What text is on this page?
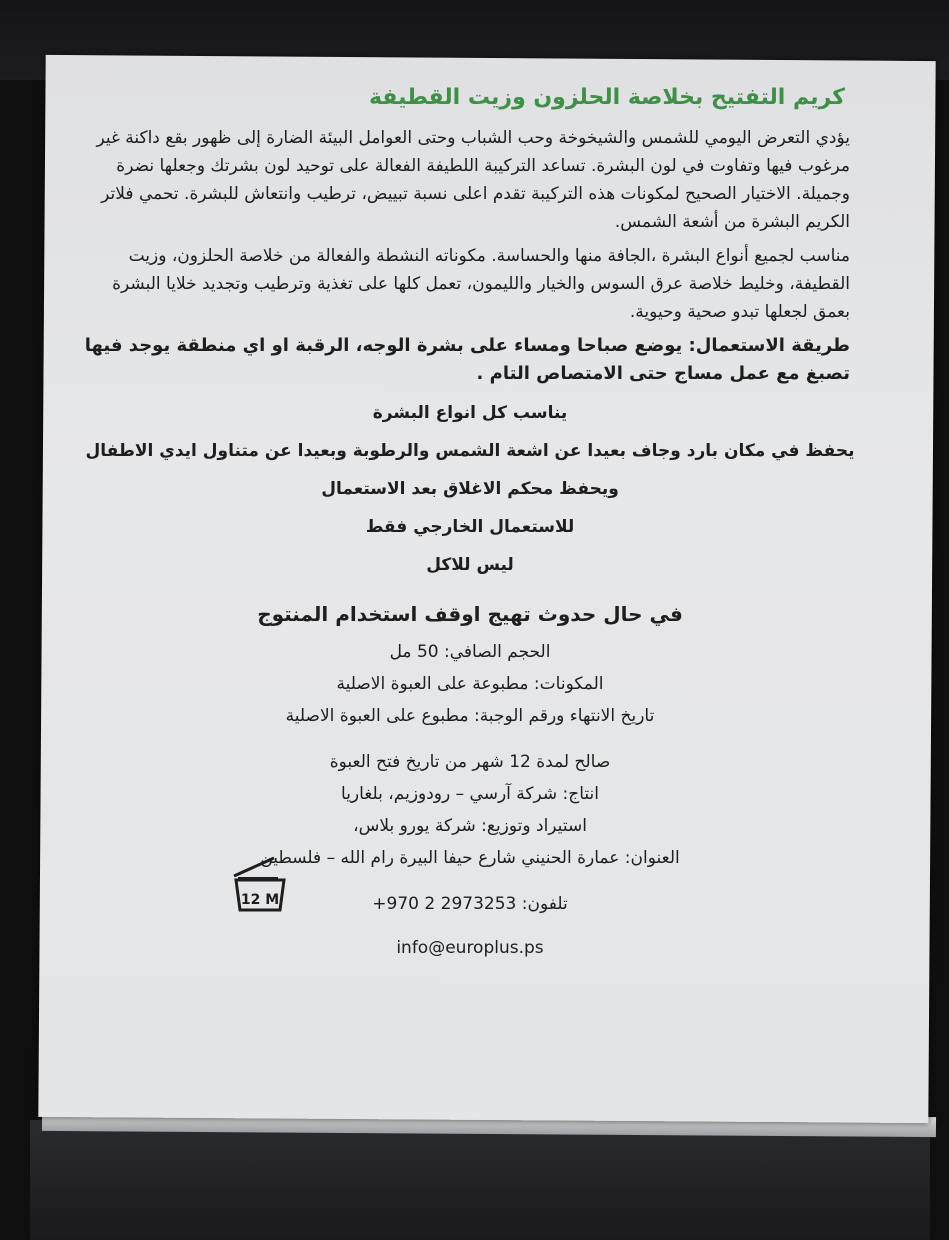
كريم التفتيح بخلاصة الحلزون وزيت القطيفة

يؤدي التعرض اليومي للشمس والشيخوخة وحب الشباب وحتى العوامل البيئة الضارة إلى ظهور بقع داكنة غير مرغوب فيها وتفاوت في لون البشرة. تساعد التركيبة اللطيفة الفعالة على توحيد لون بشرتك وجعلها نضرة وجميلة. الاختيار الصحيح لمكونات هذه التركيبة تقدم اعلى نسبة تبييض، ترطيب وانتعاش للبشرة. تحمي فلاتر الكريم البشرة من أشعة الشمس.

مناسب لجميع أنواع البشرة ،الجافة منها والحساسة. مكوناته النشطة والفعالة من خلاصة الحلزون، وزيت القطيفة، وخليط خلاصة عرق السوس والخيار والليمون، تعمل كلها على تغذية وترطيب وتجديد خلايا البشرة بعمق لجعلها تبدو صحية وحيوية.

طريقة الاستعمال: يوضع صباحا ومساء على بشرة الوجه، الرقبة او اي منطقة يوجد فيها تصبغ مع عمل مساج حتى الامتصاص التام .

يناسب كل انواع البشرة

يحفظ في مكان بارد وجاف بعيدا عن اشعة الشمس والرطوبة وبعيدا عن متناول ايدي الاطفال

ويحفظ محكم الاغلاق بعد الاستعمال

للاستعمال الخارجي فقط

ليس للاكل

في حال حدوث تهيج اوقف استخدام المنتوج

الحجم الصافي: 50 مل

المكونات: مطبوعة على العبوة الاصلية

تاريخ الانتهاء ورقم الوجبة: مطبوع على العبوة الاصلية

صالح لمدة 12 شهر من تاريخ فتح العبوة

انتاج: شركة آرسي – رودوزيم، بلغاريا

استيراد وتوزيع: شركة يورو بلاس،

العنوان: عمارة الحنيني شارع حيفا البيرة رام الله – فلسطين

تلفون: 2973253 2 970+

info@europlus.ps

12 M
